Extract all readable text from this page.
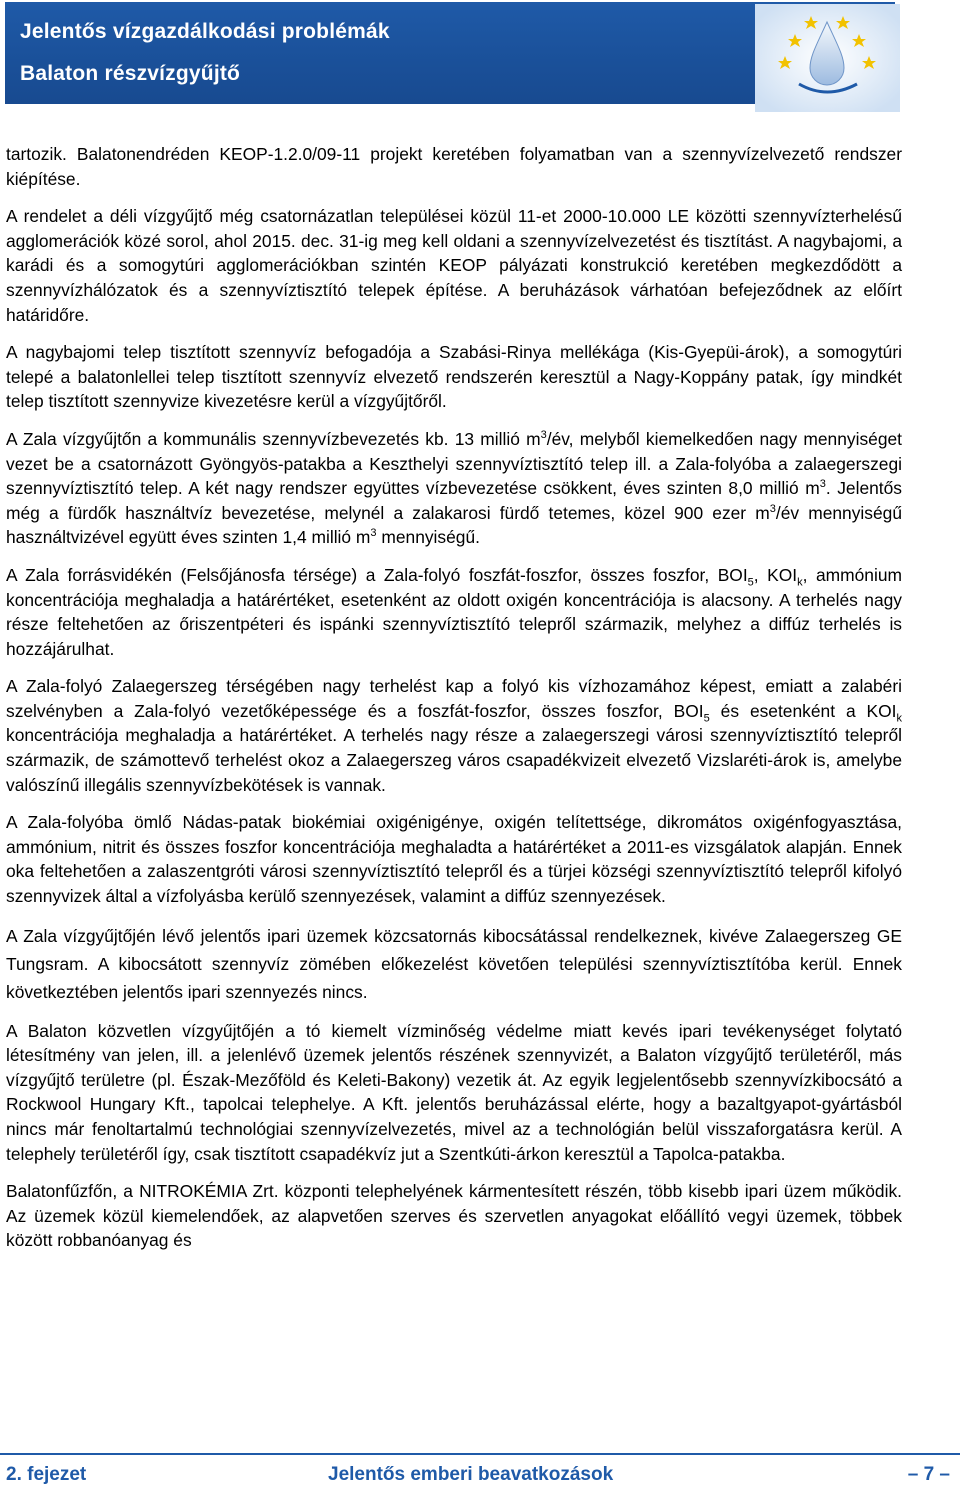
Jelentős vízgazdálkodási problémák
Balaton részvízgyűjtő

tartozik. Balatonendréden KEOP-1.2.0/09-11 projekt keretében folyamatban van a szennyvízelvezető rendszer kiépítése.

A rendelet a déli vízgyűjtő még csatornázatlan települései közül 11-et 2000-10.000 LE közötti szennyvízterhelésű agglomerációk közé sorol, ahol 2015. dec. 31-ig meg kell oldani a szennyvízelvezetést és tisztítást. A nagybajomi, a karádi és a somogytúri agglomerációkban szintén KEOP pályázati konstrukció keretében megkezdődött a szennyvízhálózatok és a szennyvíztisztító telepek építése. A beruházások várhatóan befejeződnek az előírt határidőre.

A nagybajomi telep tisztított szennyvíz befogadója a Szabási-Rinya mellékága (Kis-Gyepüi-árok), a somogytúri telepé a balatonlellei telep tisztított szennyvíz elvezető rendszerén keresztül a Nagy-Koppány patak, így mindkét telep tisztított szennyvize kivezetésre kerül a vízgyűjtőről.

A Zala vízgyűjtőn a kommunális szennyvízbevezetés kb. 13 millió $m^3/év$, melyből kiemelkedően nagy mennyiséget vezet be a csatornázott Gyöngyös-patakba a Keszthelyi szennyvíztisztító telep ill. a Zala-folyóba a zalaegerszegi szennyvíztisztító telep. A két nagy rendszer együttes vízbevezetése csökkent, éves szinten 8,0 millió $m^3$. Jelentős még a fürdők használtvíz bevezetése, melynél a zalakarosi fürdő tetemes, közel 900 ezer $m^3/év$ mennyiségű használtvizével együtt éves szinten 1,4 millió $m^3$ mennyiségű.

A Zala forrásvidékén (Felsőjánosfa térsége) a Zala-folyó foszfát-foszfor, összes foszfor, $BOI_5$, $KOI_k$, ammónium koncentrációja meghaladja a határértéket, esetenként az oldott oxigén koncentrációja is alacsony. A terhelés nagy része feltehetően az őriszentpéteri és ispánki szennyvíztisztító telepről származik, melyhez a diffúz terhelés is hozzájárulhat.

A Zala-folyó Zalaegerszeg térségében nagy terhelést kap a folyó kis vízhozamához képest, emiatt a zalabéri szelvényben a Zala-folyó vezetőképessége és a foszfát-foszfor, összes foszfor, $BOI_5$ és esetenként a $KOI_k$ koncentrációja meghaladja a határértéket. A terhelés nagy része a zalaegerszegi városi szennyvíztisztító telepről származik, de számottevő terhelést okoz a Zalaegerszeg város csapadékvizeit elvezető Vizslaréti-árok is, amelybe valószínű illegális szennyvízbekötések is vannak.

A Zala-folyóba ömlő Nádas-patak biokémiai oxigénigénye, oxigén telítettsége, dikromátos oxigénfogyasztása, ammónium, nitrit és összes foszfor koncentrációja meghaladta a határértéket a 2011-es vizsgálatok alapján. Ennek oka feltehetően a zalaszentgróti városi szennyvíztisztító telepről és a türjei községi szennyvíztisztító telepről kifolyó szennyvizek által a vízfolyásba kerülő szennyezések, valamint a diffúz szennyezések.

A Zala vízgyűjtőjén lévő jelentős ipari üzemek közcsatornás kibocsátással rendelkeznek, kivéve Zalaegerszeg GE Tungsram. A kibocsátott szennyvíz zömében előkezelést követően települési szennyvíztisztítóba kerül. Ennek következtében jelentős ipari szennyezés nincs.

A Balaton közvetlen vízgyűjtőjén a tó kiemelt vízminőség védelme miatt kevés ipari tevékenységet folytató létesítmény van jelen, ill. a jelenlévő üzemek jelentős részének szennyvizét, a Balaton vízgyűjtő területéről, más vízgyűjtő területre (pl. Észak-Mezőföld és Keleti-Bakony) vezetik át. Az egyik legjelentősebb szennyvízkibocsátó a Rockwool Hungary Kft., tapolcai telephelye. A Kft. jelentős beruházással elérte, hogy a bazaltgyapot-gyártásból nincs már fenoltartalmú technológiai szennyvízelvezetés, mivel az a technológián belül visszaforgatásra kerül. A telephely területéről így, csak tisztított csapadékvíz jut a Szentkúti-árkon keresztül a Tapolca-patakba.

Balatonfűzfőn, a NITROKÉMIA Zrt. központi telephelyének kármentesített részén, több kisebb ipari üzem működik. Az üzemek közül kiemelendőek, az alapvetően szerves és szervetlen anyagokat előállító vegyi üzemek, többek között robbanóanyag és

2. fejezet	Jelentős emberi beavatkozások	– 7 –
